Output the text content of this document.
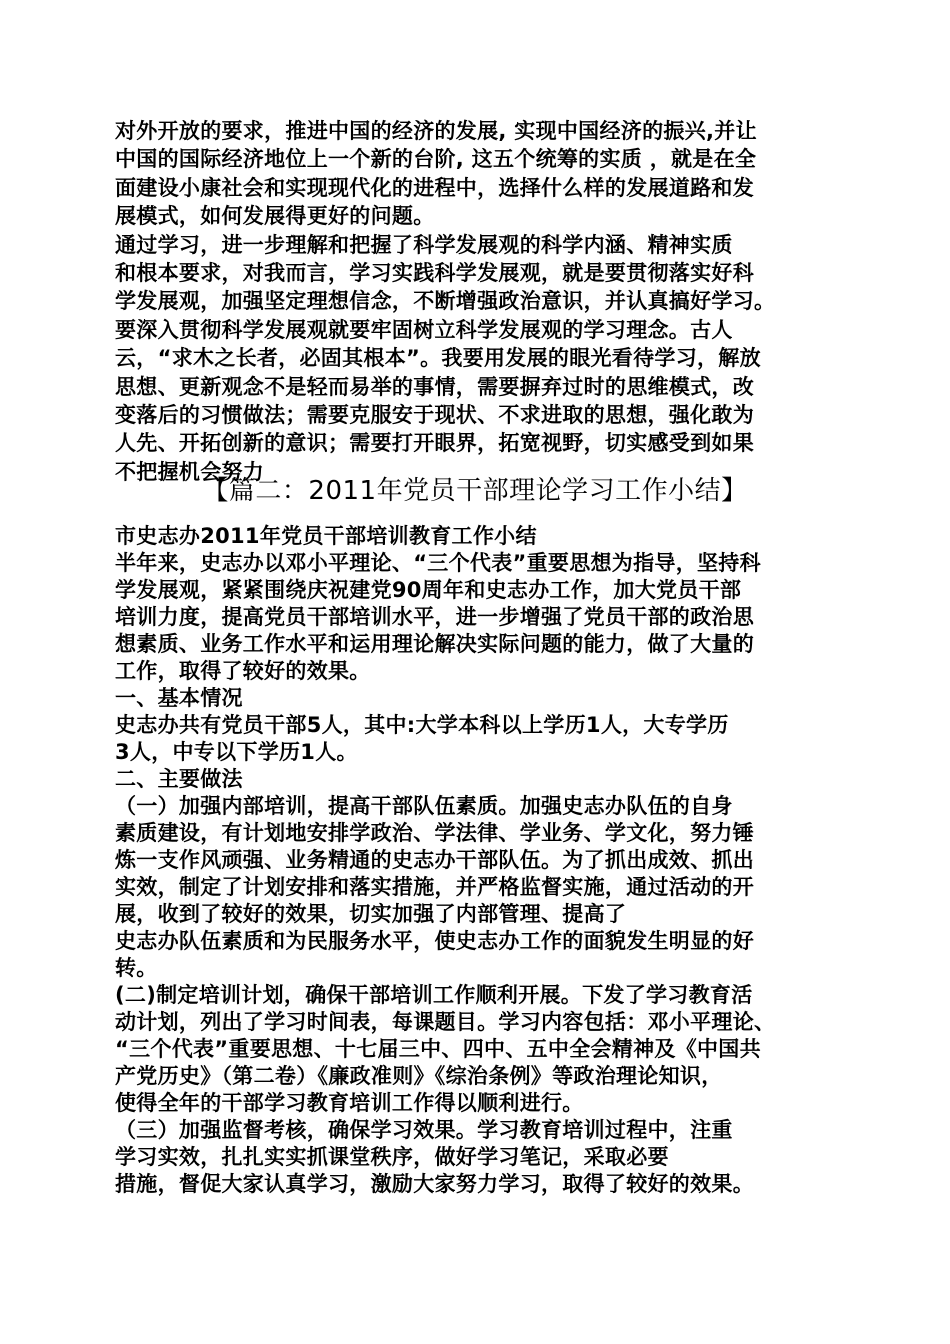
对外开放的要求，推进中国的经济的发展, 实现中国经济的振兴,并让
中国的国际经济地位上一个新的台阶, 这五个统筹的实质 ，就是在全
面建设小康社会和实现现代化的进程中，选择什么样的发展道路和发
展模式，如何发展得更好的问题。
通过学习，进一步理解和把握了科学发展观的科学内涵、精神实质
和根本要求，对我而言，学习实践科学发展观，就是要贯彻落实好科
学发展观，加强坚定理想信念，不断增强政治意识，并认真搞好学习。
要深入贯彻科学发展观就要牢固树立科学发展观的学习理念。古人
云，“求木之长者，必固其根本”。我要用发展的眼光看待学习，解放
思想、更新观念不是轻而易举的事情，需要摒弃过时的思维模式，改
变落后的习惯做法；需要克服安于现状、不求进取的思想，强化敢为
人先、开拓创新的意识；需要打开眼界，拓宽视野，切实感受到如果
不把握机会努力
【篇二：2011年党员干部理论学习工作小结】
市史志办2011年党员干部培训教育工作小结
半年来，史志办以邓小平理论、“三个代表”重要思想为指导，坚持科
学发展观，紧紧围绕庆祝建党90周年和史志办工作，加大党员干部
培训力度，提高党员干部培训水平，进一步增强了党员干部的政治思
想素质、业务工作水平和运用理论解决实际问题的能力，做了大量的
工作，取得了较好的效果。
一、基本情况
史志办共有党员干部5人，其中:大学本科以上学历1人，大专学历
3人，中专以下学历1人。
二、主要做法
（一）加强内部培训，提高干部队伍素质。加强史志办队伍的自身
素质建设，有计划地安排学政治、学法律、学业务、学文化，努力锤
炼一支作风顽强、业务精通的史志办干部队伍。为了抓出成效、抓出
实效，制定了计划安排和落实措施，并严格监督实施，通过活动的开
展，收到了较好的效果，切实加强了内部管理、提高了
史志办队伍素质和为民服务水平，使史志办工作的面貌发生明显的好
转。
(二)制定培训计划，确保干部培训工作顺利开展。下发了学习教育活
动计划，列出了学习时间表，每课题目。学习内容包括：邓小平理论、
“三个代表”重要思想、十七届三中、四中、五中全会精神及《中国共
产党历史》（第二卷）《廉政准则》《综治条例》等政治理论知识，
使得全年的干部学习教育培训工作得以顺利进行。
（三）加强监督考核，确保学习效果。学习教育培训过程中，注重
学习实效，扎扎实实抓课堂秩序，做好学习笔记，采取必要
措施，督促大家认真学习，激励大家努力学习，取得了较好的效果。
